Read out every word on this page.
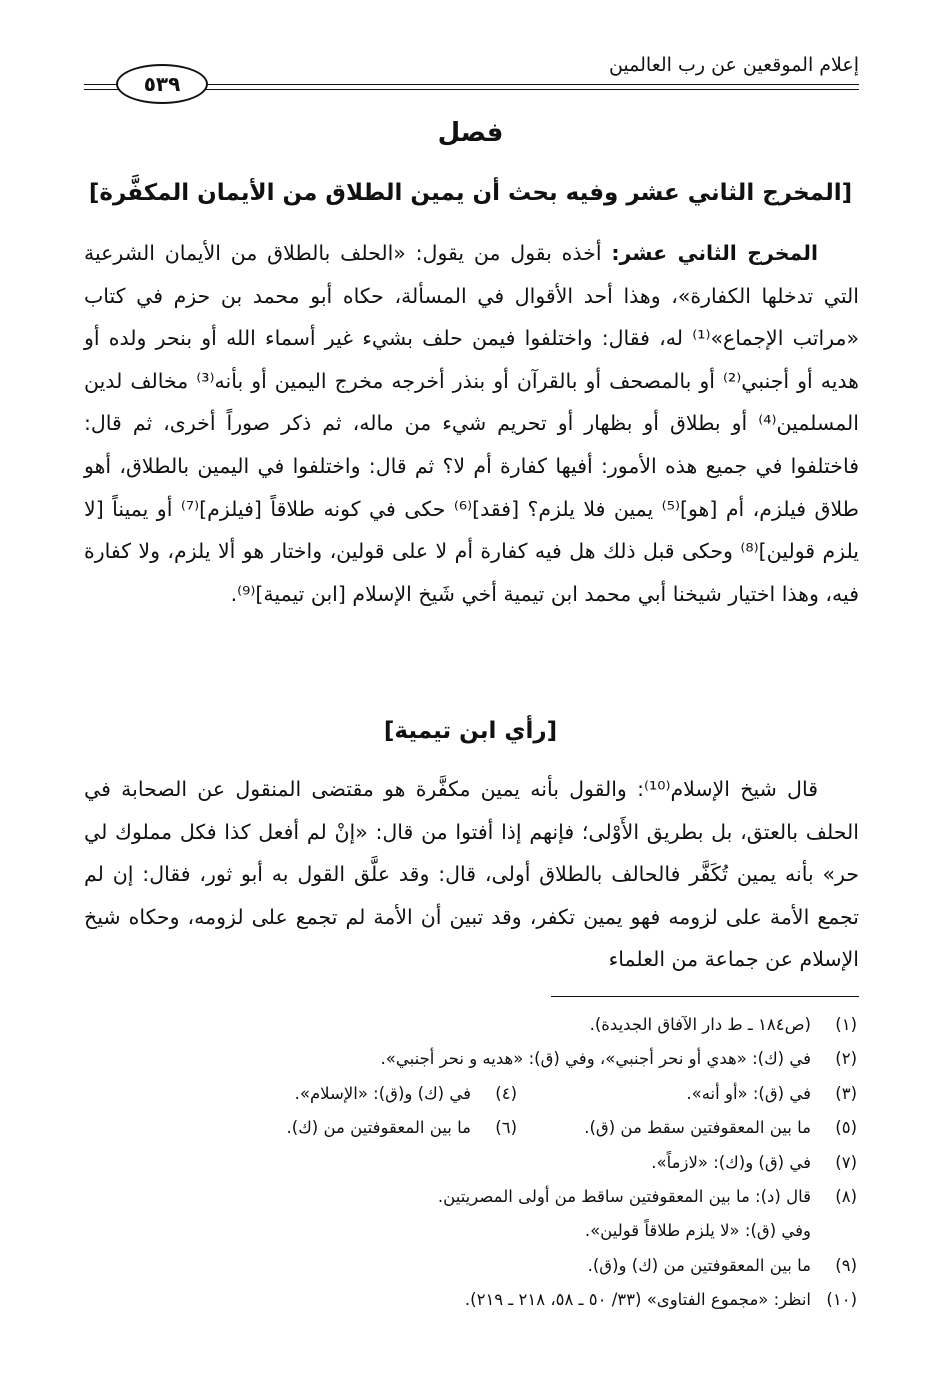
إعلام الموقعين عن رب العالمين
٥٣٩
فصل
[المخرج الثاني عشر وفيه بحث أن يمين الطلاق من الأيمان المكفَّرة]
  المخرج الثاني عشر: أخذه بقول من يقول: «الحلف بالطلاق من الأيمان الشرعية التي تدخلها الكفارة»، وهذا أحد الأقوال في المسألة، حكاه أبو محمد بن حزم في كتاب «مراتب الإجماع»⁽¹⁾ له، فقال: واختلفوا فيمن حلف بشيء غير أسماء الله أو بنحر ولده أو هديه أو أجنبي⁽²⁾ أو بالمصحف أو بالقرآن أو بنذر أخرجه مخرج اليمين أو بأنه⁽³⁾ مخالف لدين المسلمين⁽⁴⁾ أو بطلاق أو بظهار أو تحريم شيء من ماله، ثم ذكر صوراً أخرى، ثم قال: فاختلفوا في جميع هذه الأمور: أفيها كفارة أم لا؟ ثم قال: واختلفوا في اليمين بالطلاق، أهو طلاق فيلزم، أم [هو]⁽⁵⁾ يمين فلا يلزم؟ [فقد]⁽⁶⁾ حكى في كونه طلاقاً [فيلزم]⁽⁷⁾ أو يميناً [لا يلزم قولين]⁽⁸⁾ وحكى قبل ذلك هل فيه كفارة أم لا على قولين، واختار هو ألا يلزم، ولا كفارة فيه، وهذا اختيار شيخنا أبي محمد ابن تيمية أخي شَيخ الإسلام [ابن تيمية]⁽⁹⁾.
[رأي ابن تيمية]
  قال شيخ الإسلام⁽¹⁰⁾: والقول بأنه يمين مكفَّرة هو مقتضى المنقول عن الصحابة في الحلف بالعتق، بل بطريق الأَوْلى؛ فإنهم إذا أفتوا من قال: «إنْ لم أفعل كذا فكل مملوك لي حر» بأنه يمين تُكَفَّر فالحالف بالطلاق أولى، قال: وقد علَّق القول به أبو ثور، فقال: إن لم تجمع الأمة على لزومه فهو يمين تكفر، وقد تبين أن الأمة لم تجمع على لزومه، وحكاه شيخ الإسلام عن جماعة من العلماء
(١)
(ص١٨٤ ـ ط دار الآفاق الجديدة).
(٢)
في (ك): «هدي أو نحر أجنبي»، وفي (ق): «هديه و نحر أجنبي».
(٣)
في (ق): «أو أنه».
(٤)
في (ك) و(ق): «الإسلام».
(٥)
ما بين المعقوفتين سقط من (ق).
(٦)
ما بين المعقوفتين من (ك).
(٧)
في (ق) و(ك): «لازماً».
(٨)
قال (د): ما بين المعقوفتين ساقط من أولى المصريتين.
وفي (ق): «لا يلزم طلاقاً قولين».
(٩)
ما بين المعقوفتين من (ك) و(ق).
(١٠)
انظر: «مجموع الفتاوى» (٣٣/ ٥٠ ـ ٥٨، ٢١٨ ـ ٢١٩).
